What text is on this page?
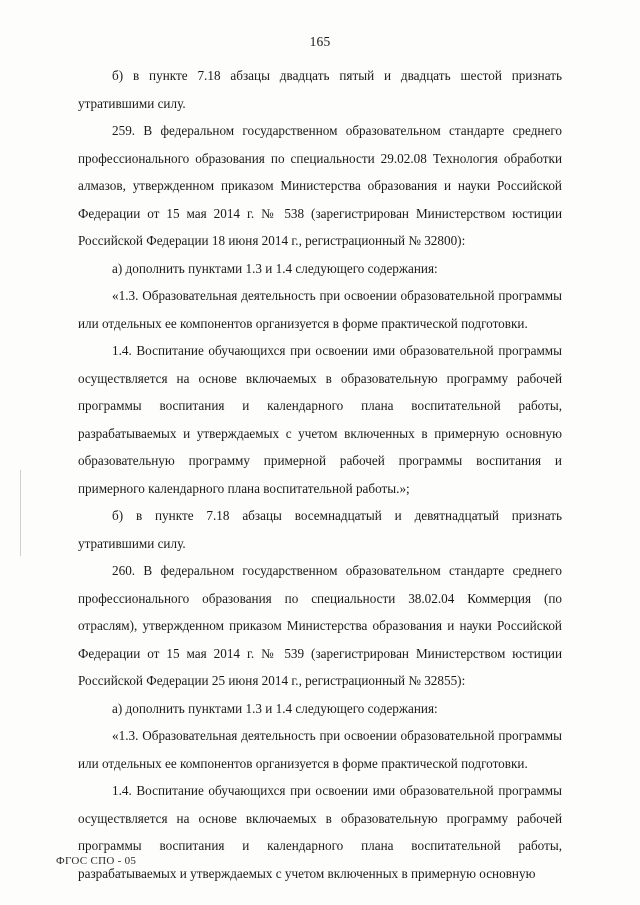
165

б) в пункте 7.18 абзацы двадцать пятый и двадцать шестой признать утратившими силу.

259. В федеральном государственном образовательном стандарте среднего профессионального образования по специальности 29.02.08 Технология обработки алмазов, утвержденном приказом Министерства образования и науки Российской Федерации от 15 мая 2014 г. № 538 (зарегистрирован Министерством юстиции Российской Федерации 18 июня 2014 г., регистрационный № 32800):

а) дополнить пунктами 1.3 и 1.4 следующего содержания:

«1.3. Образовательная деятельность при освоении образовательной программы или отдельных ее компонентов организуется в форме практической подготовки.

1.4. Воспитание обучающихся при освоении ими образовательной программы осуществляется на основе включаемых в образовательную программу рабочей программы воспитания и календарного плана воспитательной работы, разрабатываемых и утверждаемых с учетом включенных в примерную основную образовательную программу примерной рабочей программы воспитания и примерного календарного плана воспитательной работы.»;

б) в пункте 7.18 абзацы восемнадцатый и девятнадцатый признать утратившими силу.

260. В федеральном государственном образовательном стандарте среднего профессионального образования по специальности 38.02.04 Коммерция (по отраслям), утвержденном приказом Министерства образования и науки Российской Федерации от 15 мая 2014 г. № 539 (зарегистрирован Министерством юстиции Российской Федерации 25 июня 2014 г., регистрационный № 32855):

а) дополнить пунктами 1.3 и 1.4 следующего содержания:

«1.3. Образовательная деятельность при освоении образовательной программы или отдельных ее компонентов организуется в форме практической подготовки.

1.4. Воспитание обучающихся при освоении ими образовательной программы осуществляется на основе включаемых в образовательную программу рабочей программы воспитания и календарного плана воспитательной работы, разрабатываемых и утверждаемых с учетом включенных в примерную основную

ФГОС СПО - 05
